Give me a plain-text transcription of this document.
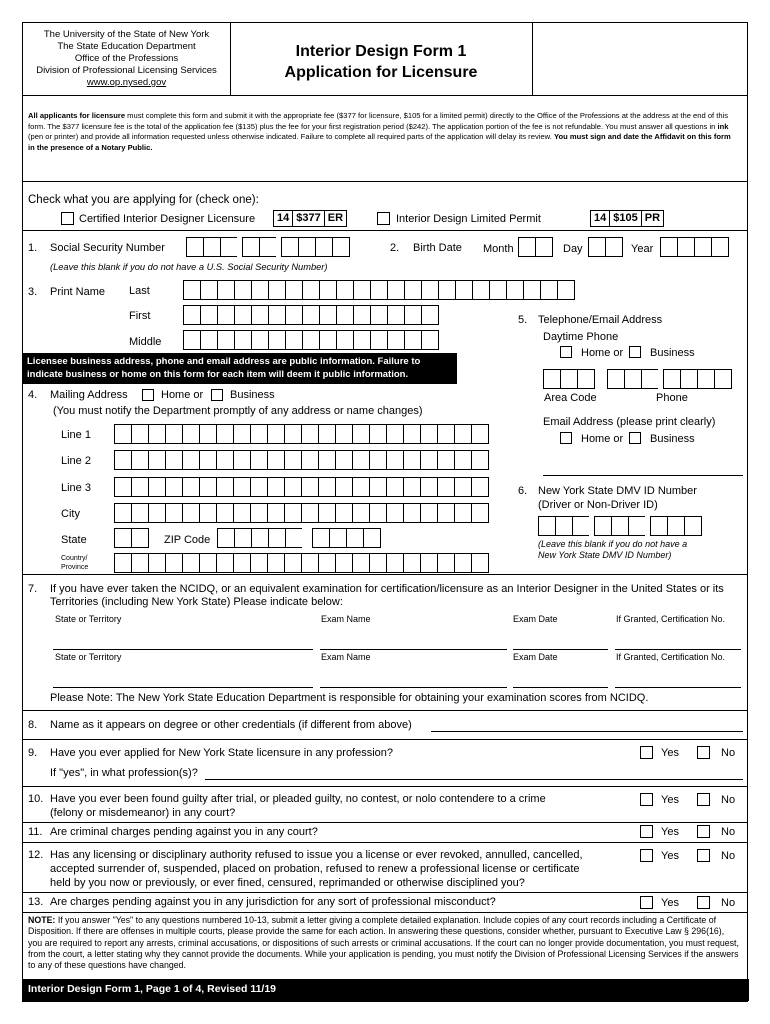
The University of the State of New York
The State Education Department
Office of the Professions
Division of Professional Licensing Services
www.op.nysed.gov
Interior Design Form 1
Application for Licensure
All applicants for licensure must complete this form and submit it with the appropriate fee ($377 for licensure, $105 for a limited permit) directly to the Office of the Professions at the address at the end of this form. The $377 licensure fee is the total of the application fee ($135) plus the fee for your first registration period ($242). The application portion of the fee is not refundable. You must answer all questions in ink (pen or printer) and provide all information requested unless otherwise indicated. Failure to complete all required parts of the application will delay its review. You must sign and date the Affidavit on this form in the presence of a Notary Public.
Check what you are applying for (check one):
Certified Interior Designer Licensure	14 $377 ER	Interior Design Limited Permit	14 $105 PR
1. Social Security Number
(Leave this blank if you do not have a U.S. Social Security Number)
2. Birth Date Month	Day	Year
3. Print Name Last
First
Middle
Licensee business address, phone and email address are public information. Failure to indicate business or home on this form for each item will deem it public information.
4. Mailing Address	Home or Business
(You must notify the Department promptly of any address or name changes)
Line 1
Line 2
Line 3
City
State	ZIP Code
Country/
Province
5. Telephone/Email Address
Daytime Phone
Home or Business
Area Code	Phone
Email Address (please print clearly)
Home or Business
6. New York State DMV ID Number
(Driver or Non-Driver ID)
(Leave this blank if you do not have a
New York State DMV ID Number)
7. If you have ever taken the NCIDQ, or an equivalent examination for certification/licensure as an Interior Designer in the United States or its Territories (including New York State) Please indicate below:
State or Territory	Exam Name	Exam Date	If Granted, Certification No.
State or Territory	Exam Name	Exam Date	If Granted, Certification No.
Please Note: The New York State Education Department is responsible for obtaining your examination scores from NCIDQ.
8. Name as it appears on degree or other credentials (if different from above)
9. Have you ever applied for New York State licensure in any profession?	Yes	No
If "yes", in what profession(s)?
10. Have you ever been found guilty after trial, or pleaded guilty, no contest, or nolo contendere to a crime
(felony or misdemeanor) in any court?
Yes	No
11. Are criminal charges pending against you in any court?	Yes	No
12. Has any licensing or disciplinary authority refused to issue you a license or ever revoked, annulled, cancelled,
accepted surrender of, suspended, placed on probation, refused to renew a professional license or certificate
held by you now or previously, or ever fined, censured, reprimanded or otherwise disciplined you?
Yes	No
13. Are charges pending against you in any jurisdiction for any sort of professional misconduct?	Yes	No
NOTE: If you answer "Yes" to any questions numbered 10-13, submit a letter giving a complete detailed explanation. Include copies of any court records including a Certificate of Disposition. If there are offenses in multiple courts, please provide the same for each action. In answering these questions, consider whether, pursuant to Executive Law § 296(16), you are required to report any arrests, criminal accusations, or dispositions of such arrests or criminal accusations. If the court can no longer provide documentation, you must request, from the court, a letter stating why they cannot provide the documents. While your application is pending, you must notify the Division of Professional Licensing Services if the answers to any of these questions have changed.
Interior Design Form 1, Page 1 of 4, Revised 11/19
